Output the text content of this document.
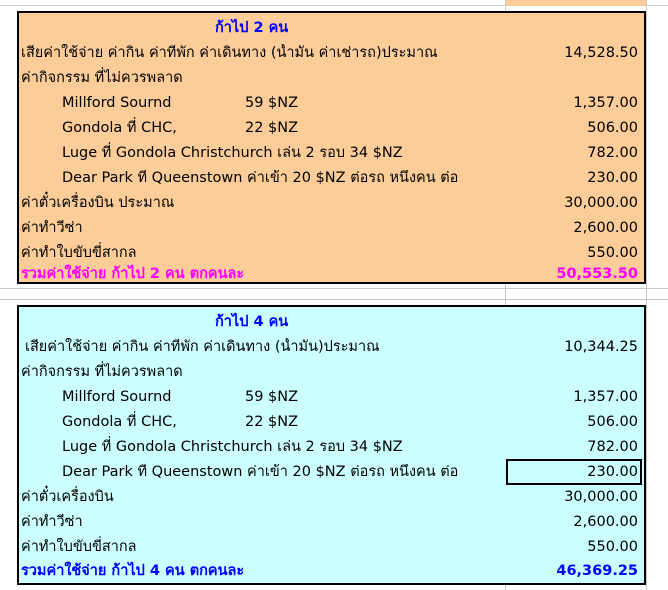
ก้าไป 2 คน
เสียค่าใช้จ่าย ค่ากิน ค่าที่พัก ค่าเดินทาง (น้ำมัน ค่าเช่ารถ)ประมาณ	14,528.50
ค่ากิจกรรม ที่ไม่ควรพลาด
Millford Sournd	59 $NZ	1,357.00
Gondola ที่ CHC,	22 $NZ	506.00
Luge ที่ Gondola Christchurch เล่น 2 รอบ 34 $NZ	782.00
Dear Park ที่ Queenstown ค่าเข้า 20 $NZ ต่อรถ หนึ่งคน ต่อ	230.00
ค่าตั๋วเครื่องบิน ประมาณ	30,000.00
ค่าทำวีซ่า	2,600.00
ค่าทำใบขับขี่สากล	550.00
รวมค่าใช้จ่าย ก้าไป 2 คน ตกคนละ	50,553.50
ก้าไป 4 คน
เสียค่าใช้จ่าย ค่ากิน ค่าที่พัก ค่าเดินทาง (น้ำมัน)ประมาณ	10,344.25
ค่ากิจกรรม ที่ไม่ควรพลาด
Millford Sournd	59 $NZ	1,357.00
Gondola ที่ CHC,	22 $NZ	506.00
Luge ที่ Gondola Christchurch เล่น 2 รอบ 34 $NZ	782.00
Dear Park ที่ Queenstown ค่าเข้า 20 $NZ ต่อรถ หนึ่งคน ต่อ	230.00
ค่าตั๋วเครื่องบิน	30,000.00
ค่าทำวีซ่า	2,600.00
ค่าทำใบขับขี่สากล	550.00
รวมค่าใช้จ่าย ก้าไป 4 คน ตกคนละ	46,369.25
